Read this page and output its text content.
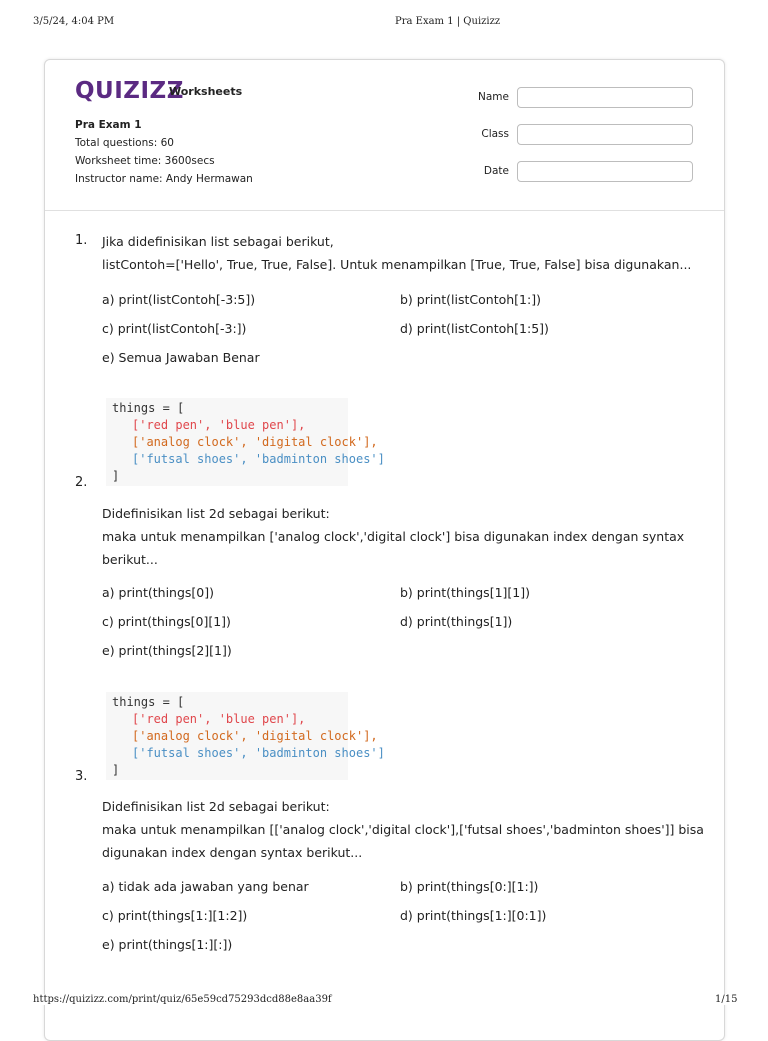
3/5/24, 4:04 PM	Pra Exam 1 | Quizizz
QUIZIZZ
Worksheets
Pra Exam 1
Total questions: 60
Worksheet time: 3600secs
Instructor name: Andy Hermawan
Name
Class
Date
1. Jika didefinisikan list sebagai berikut,
listContoh=['Hello', True, True, False]. Untuk menampilkan [True, True, False] bisa digunakan...
a) print(listContoh[-3:5])	b) print(listContoh[1:])
c) print(listContoh[-3:])	d) print(listContoh[1:5])
e) Semua Jawaban Benar
things = [
['red pen', 'blue pen'],
['analog clock', 'digital clock'],
['futsal shoes', 'badminton shoes']
]
2.
Didefinisikan list 2d sebagai berikut:
maka untuk menampilkan ['analog clock','digital clock'] bisa digunakan index dengan syntax
berikut...
a) print(things[0])	b) print(things[1][1])
c) print(things[0][1])	d) print(things[1])
e) print(things[2][1])
things = [
['red pen', 'blue pen'],
['analog clock', 'digital clock'],
['futsal shoes', 'badminton shoes']
]
3.
Didefinisikan list 2d sebagai berikut:
maka untuk menampilkan [['analog clock','digital clock'],['futsal shoes','badminton shoes']] bisa
digunakan index dengan syntax berikut...
a) tidak ada jawaban yang benar	b) print(things[0:][1:])
c) print(things[1:][1:2])	d) print(things[1:][0:1])
e) print(things[1:][:])
https://quizizz.com/print/quiz/65e59cd75293dcd88e8aa39f	1/15
